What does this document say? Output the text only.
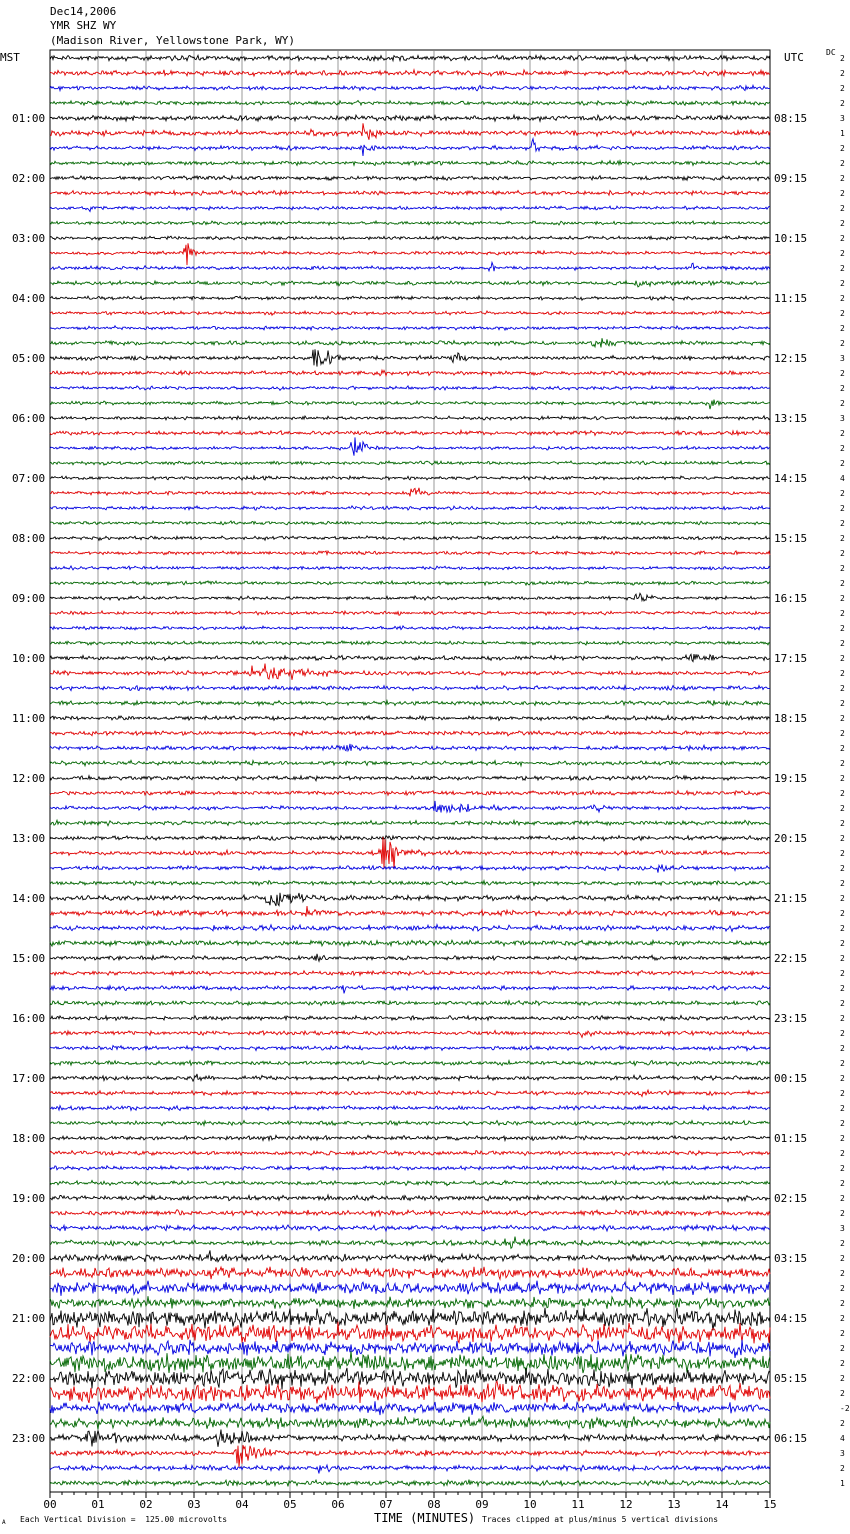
Dec14,2006
YMR SHZ WY
(Madison River, Yellowstone Park, WY)
MST	UTC	DC
00	01	02	03	04	05	06	07	08	09	10	11	12	13	14	15
2
2
2
2
3
1
2
2
2
2
2
2
2
2
2
2
2
2
2
2
3
2
2
2
3
2
2
2
4
2
2
2
2
2
2
2
2
2
2
2
2
2
2
2
2
2
2
2
2
2
2
2
2
2
2
2
2
2
2
2
2
2
2
2
2
2
2
2
2
2
2
2
2
2
2
2
2
2
3
2
2
2
2
2
2
2
2
2
2
2
-2
2
4
3
2
1
01:00
02:00
03:00
04:00
05:00
06:00
07:00
08:00
09:00
10:00
11:00
12:00
13:00
14:00
15:00
16:00
17:00
18:00
19:00
20:00
21:00
22:00
23:00
08:15
09:15
10:15
11:15
12:15
13:15
14:15
15:15
16:15
17:15
18:15
19:15
20:15
21:15
22:15
23:15
00:15
01:15
02:15
03:15
04:15
05:15
06:15
TIME (MINUTES)
Each Vertical Division =  125.00 microvolts	Traces clipped at plus/minus 5 vertical divisions
A
